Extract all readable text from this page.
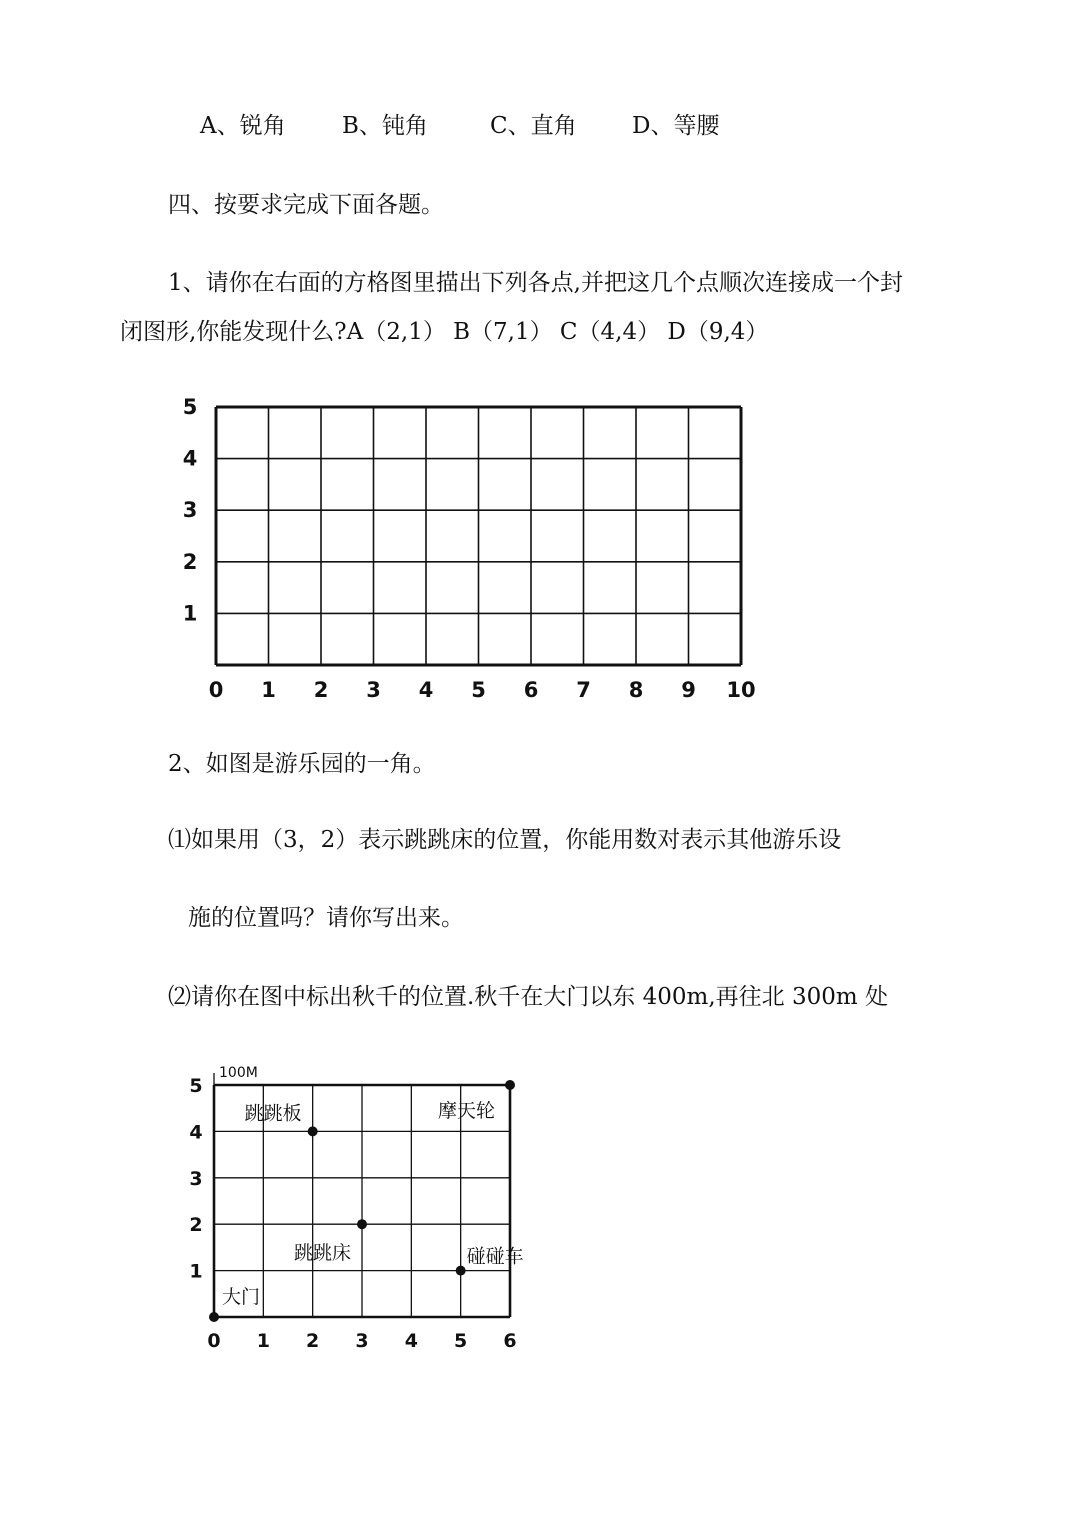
A、锐角 B、钝角	C、直角 D、等腰
四、按要求完成下面各题。
1、请你在右面的方格图里描出下列各点,并把这几个点顺次连接成一个封
闭图形,你能发现什么?A（2,1） B（7,1） C（4,4） D（9,4）
0 1 2 3 4 5 6 7 8 9 10
1
2
3
4
5
2、如图是游乐园的一角。
⑴如果用（3，2）表示跳跳床的位置，你能用数对表示其他游乐设
施的位置吗？请你写出来。
⑵请你在图中标出秋千的位置.秋千在大门以东 400m,再往北 300m 处
100M
0 1 2 3 4 5 6
1
2
3
4
5
大门
跳跳板	摩天轮
跳跳床	碰碰车
